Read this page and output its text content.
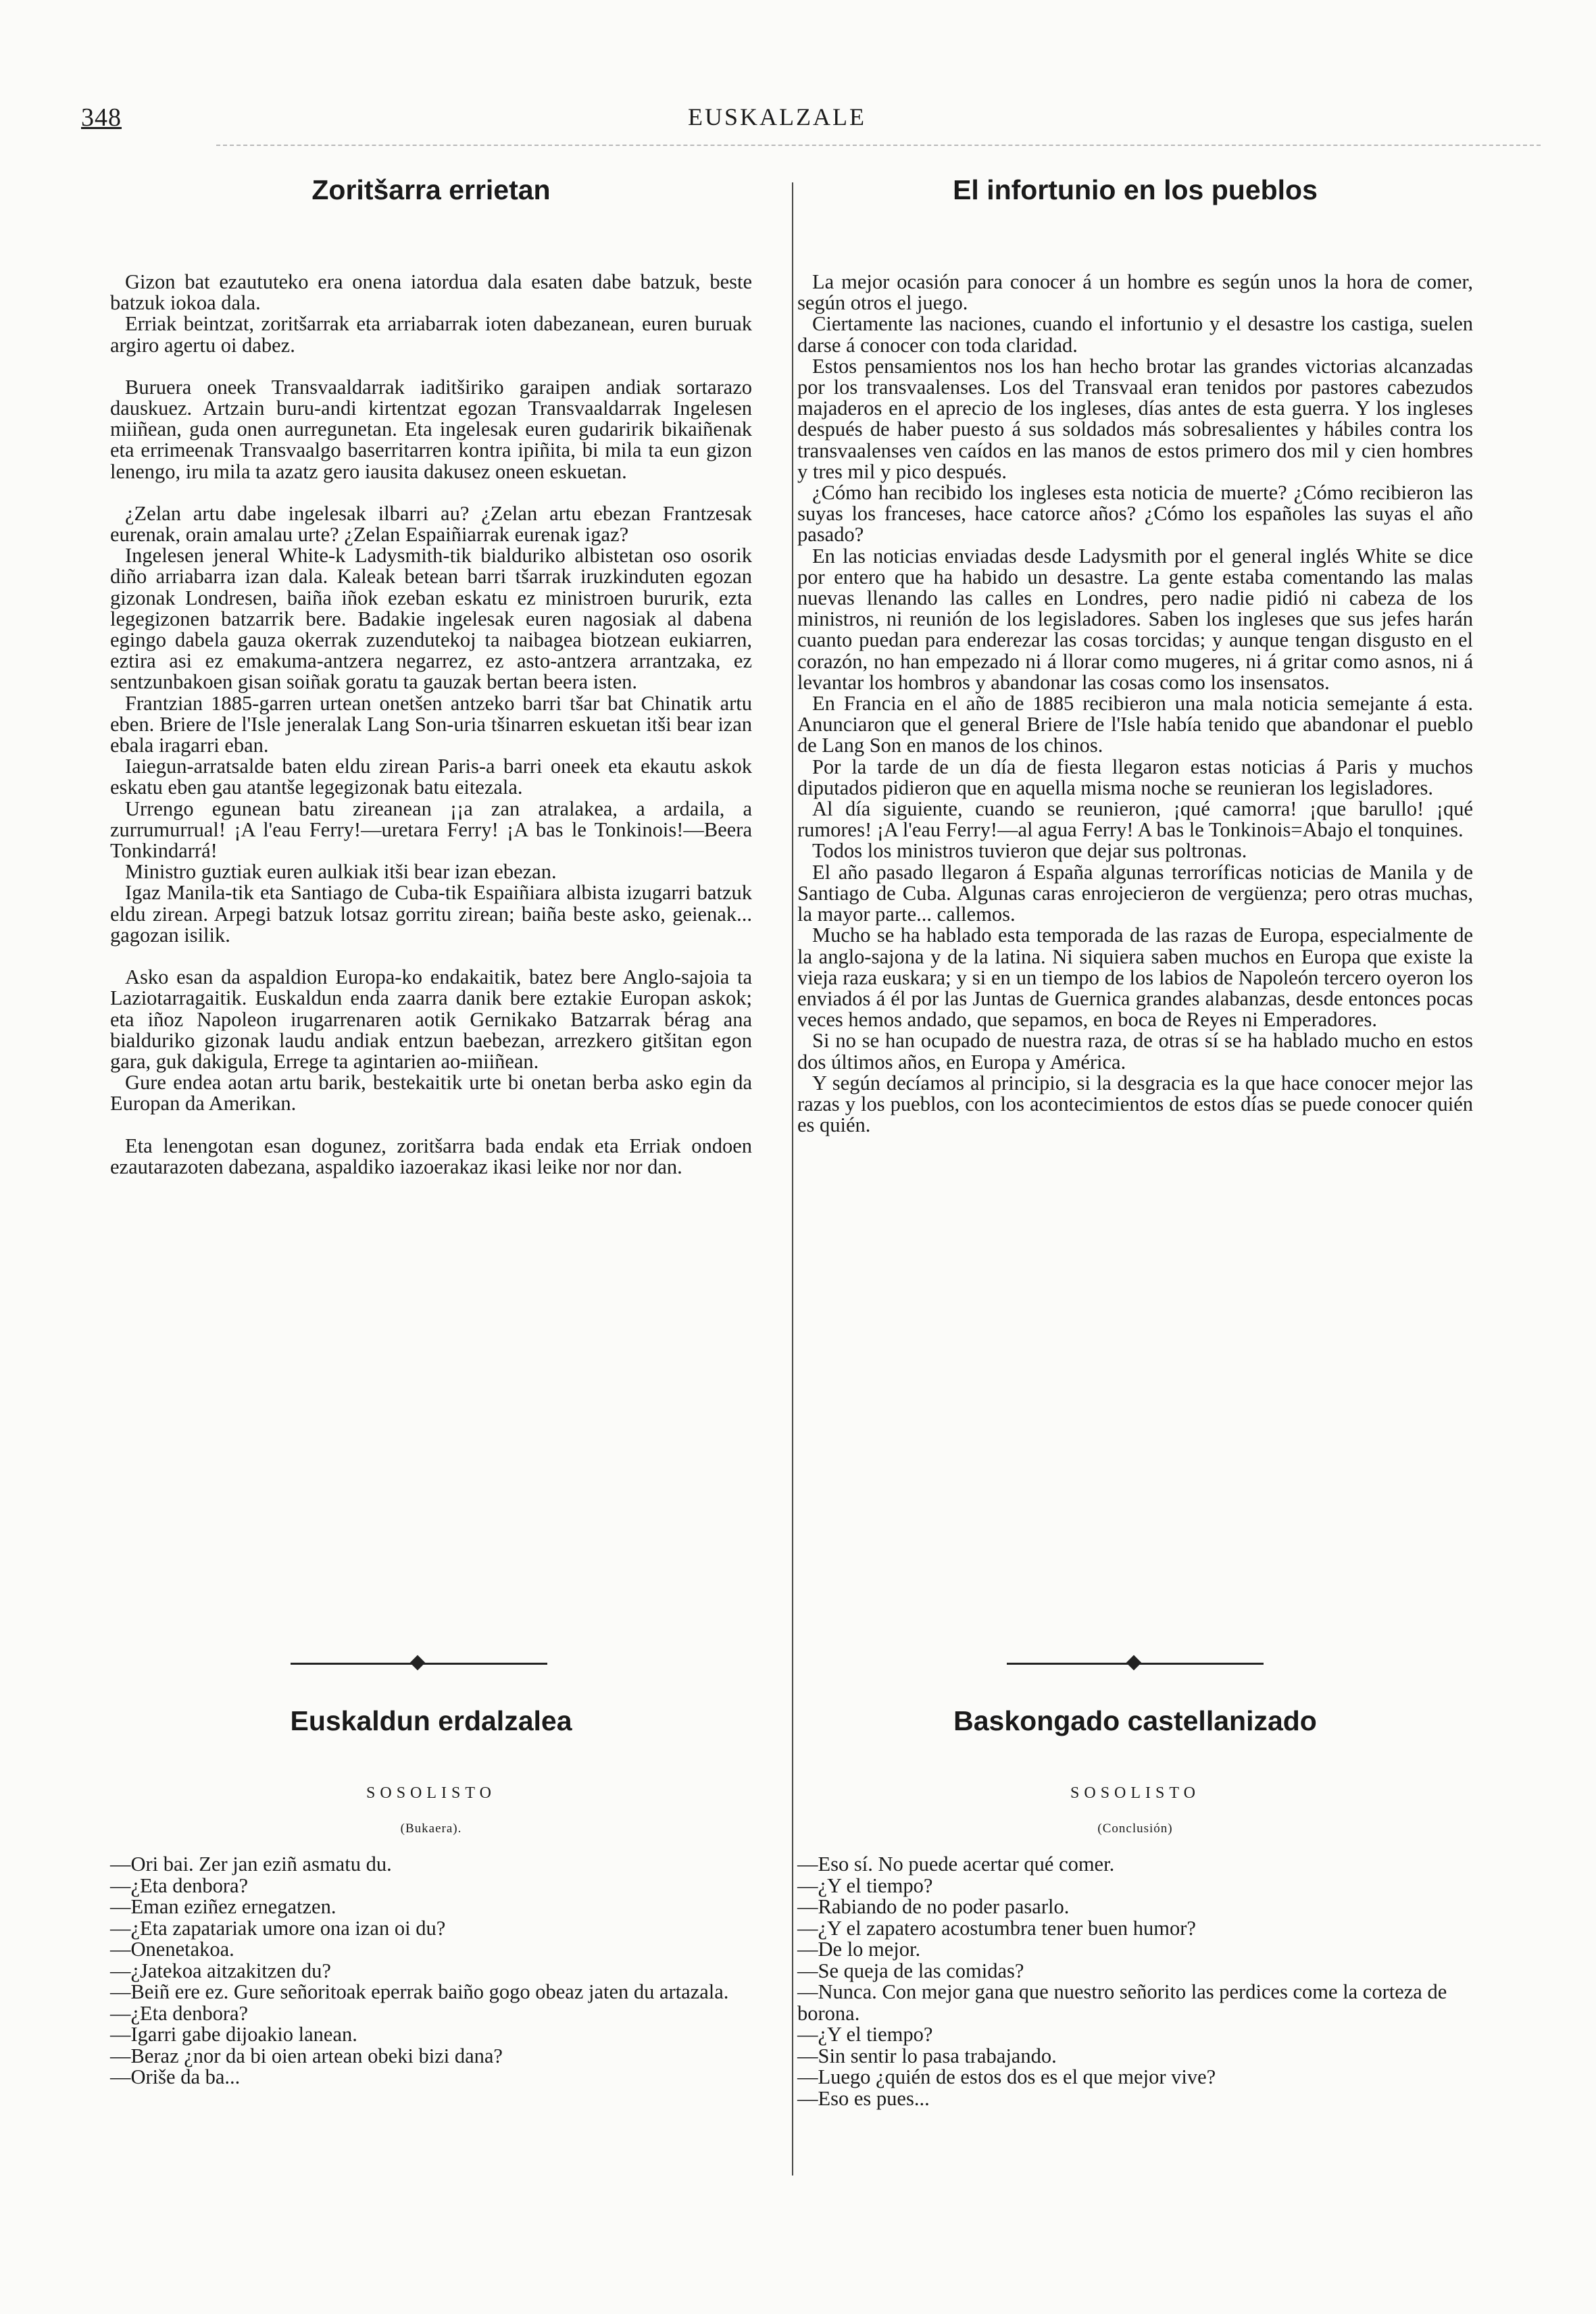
348	EUSKALZALE
Zoritšarra errietan

Gizon bat ezaututeko era onena iatordua dala esaten dabe batzuk, beste batzuk iokoa dala.

Erriak beintzat, zoritšarrak eta arriabarrak ioten dabezanean, euren buruak argiro agertu oi dabez.

Buruera oneek Transvaaldarrak iaditširiko garaipen andiak sortarazo dauskuez. Artzain buru-andi kirtentzat egozan Transvaaldarrak Ingelesen miiñean, guda onen aurregunetan. Eta ingelesak euren gudaririk bikaiñenak eta errimeenak Transvaalgo baserritarren kontra ipiñita, bi mila ta eun gizon lenengo, iru mila ta azatz gero iausita dakusez oneen eskuetan.

¿Zelan artu dabe ingelesak ilbarri au? ¿Zelan artu ebezan Frantzesak eurenak, orain amalau urte? ¿Zelan Espaiñiarrak eurenak igaz?

Ingelesen jeneral White-k Ladysmith-tik bialduriko albistetan oso osorik diño arriabarra izan dala. Kaleak betean barri tšarrak iruzkinduten egozan gizonak Londresen, baiña iñok ezeban eskatu ez ministroen bururik, ezta legegizonen batzarrik bere. Badakie ingelesak euren nagosiak al dabena egingo dabela gauza okerrak zuzendutekoj ta naibagea biotzean eukiarren, eztira asi ez emakuma-antzera negarrez, ez asto-antzera arrantzaka, ez sentzunbakoen gisan soiñak goratu ta gauzak bertan beera isten.

Frantzian 1885-garren urtean onetšen antzeko barri tšar bat Chinatik artu eben. Briere de l'Isle jeneralak Lang Son-uria tšinarren eskuetan itši bear izan ebala iragarri eban.

Iaiegun-arratsalde baten eldu zirean Paris-a barri oneek eta ekautu askok eskatu eben gau atantše legegizonak batu eitezala.

Urrengo egunean batu zireanean ¡¡a zan atralakea, a ardaila, a zurrumurrual! ¡A l'eau Ferry!—uretara Ferry! ¡A bas le Tonkinois!—Beera Tonkindarrá!

Ministro guztiak euren aulkiak itši bear izan ebezan.

Igaz Manila-tik eta Santiago de Cuba-tik Espaiñiara albista izugarri batzuk eldu zirean. Arpegi batzuk lotsaz gorritu zirean; baiña beste asko, geienak... gagozan isilik.

Asko esan da aspaldion Europa-ko endakaitik, batez bere Anglo-sajoia ta Laziotarragaitik. Euskaldun enda zaarra danik bere eztakie Europan askok; eta iñoz Napoleon irugarrenaren aotik Gernikako Batzarrak bérag ana bialduriko gizonak laudu andiak entzun baebezan, arrezkero gitšitan egon gara, guk dakigula, Errege ta agintarien ao-miiñean.

Gure endea aotan artu barik, bestekaitik urte bi onetan berba asko egin da Europan da Amerikan.

Eta lenengotan esan dogunez, zoritšarra bada endak eta Erriak ondoen ezautarazoten dabezana, aspaldiko iazoerakaz ikasi leike nor nor dan.

Euskaldun erdalzalea

SOSOLISTO

(Bukaera).

—Ori bai. Zer jan eziñ asmatu du.

—¿Eta denbora?

—Eman eziñez ernegatzen.

—¿Eta zapatariak umore ona izan oi du?

—Onenetakoa.

—¿Jatekoa aitzakitzen du?

—Beiñ ere ez. Gure señoritoak eperrak baiño gogo obeaz jaten du artazala.

—¿Eta denbora?

—Igarri gabe dijoakio lanean.

—Beraz ¿nor da bi oien artean obeki bizi dana?

—Oriše da ba...

El infortunio en los pueblos

La mejor ocasión para conocer á un hombre es según unos la hora de comer, según otros el juego.

Ciertamente las naciones, cuando el infortunio y el desastre los castiga, suelen darse á conocer con toda claridad.

Estos pensamientos nos los han hecho brotar las grandes victorias alcanzadas por los transvaalenses. Los del Transvaal eran tenidos por pastores cabezudos majaderos en el aprecio de los ingleses, días antes de esta guerra. Y los ingleses después de haber puesto á sus soldados más sobresalientes y hábiles contra los transvaalenses ven caídos en las manos de estos primero dos mil y cien hombres y tres mil y pico después.

¿Cómo han recibido los ingleses esta noticia de muerte? ¿Cómo recibieron las suyas los franceses, hace catorce años? ¿Cómo los españoles las suyas el año pasado?

En las noticias enviadas desde Ladysmith por el general inglés White se dice por entero que ha habido un desastre. La gente estaba comentando las malas nuevas llenando las calles en Londres, pero nadie pidió ni cabeza de los ministros, ni reunión de los legisladores. Saben los ingleses que sus jefes harán cuanto puedan para enderezar las cosas torcidas; y aunque tengan disgusto en el corazón, no han empezado ni á llorar como mugeres, ni á gritar como asnos, ni á levantar los hombros y abandonar las cosas como los insensatos.

En Francia en el año de 1885 recibieron una mala noticia semejante á esta. Anunciaron que el general Briere de l'Isle había tenido que abandonar el pueblo de Lang Son en manos de los chinos.

Por la tarde de un día de fiesta llegaron estas noticias á Paris y muchos diputados pidieron que en aquella misma noche se reunieran los legisladores.

Al día siguiente, cuando se reunieron, ¡qué camorra! ¡que barullo! ¡qué rumores! ¡A l'eau Ferry!—al agua Ferry! A bas le Tonkinois=Abajo el tonquines.

Todos los ministros tuvieron que dejar sus poltronas.

El año pasado llegaron á España algunas terroríficas noticias de Manila y de Santiago de Cuba. Algunas caras enrojecieron de vergüenza; pero otras muchas, la mayor parte... callemos.

Mucho se ha hablado esta temporada de las razas de Europa, especialmente de la anglo-sajona y de la latina. Ni siquiera saben muchos en Europa que existe la vieja raza euskara; y si en un tiempo de los labios de Napoleón tercero oyeron los enviados á él por las Juntas de Guernica grandes alabanzas, desde entonces pocas veces hemos andado, que sepamos, en boca de Reyes ni Emperadores.

Si no se han ocupado de nuestra raza, de otras sí se ha hablado mucho en estos dos últimos años, en Europa y América.

Y según decíamos al principio, si la desgracia es la que hace conocer mejor las razas y los pueblos, con los acontecimientos de estos días se puede conocer quién es quién.

Baskongado castellanizado

SOSOLISTO

(Conclusión)

—Eso sí. No puede acertar qué comer.

—¿Y el tiempo?

—Rabiando de no poder pasarlo.

—¿Y el zapatero acostumbra tener buen humor?

—De lo mejor.

—Se queja de las comidas?

—Nunca. Con mejor gana que nuestro señorito las perdices come la corteza de borona.

—¿Y el tiempo?

—Sin sentir lo pasa trabajando.

—Luego ¿quién de estos dos es el que mejor vive?

—Eso es pues...
